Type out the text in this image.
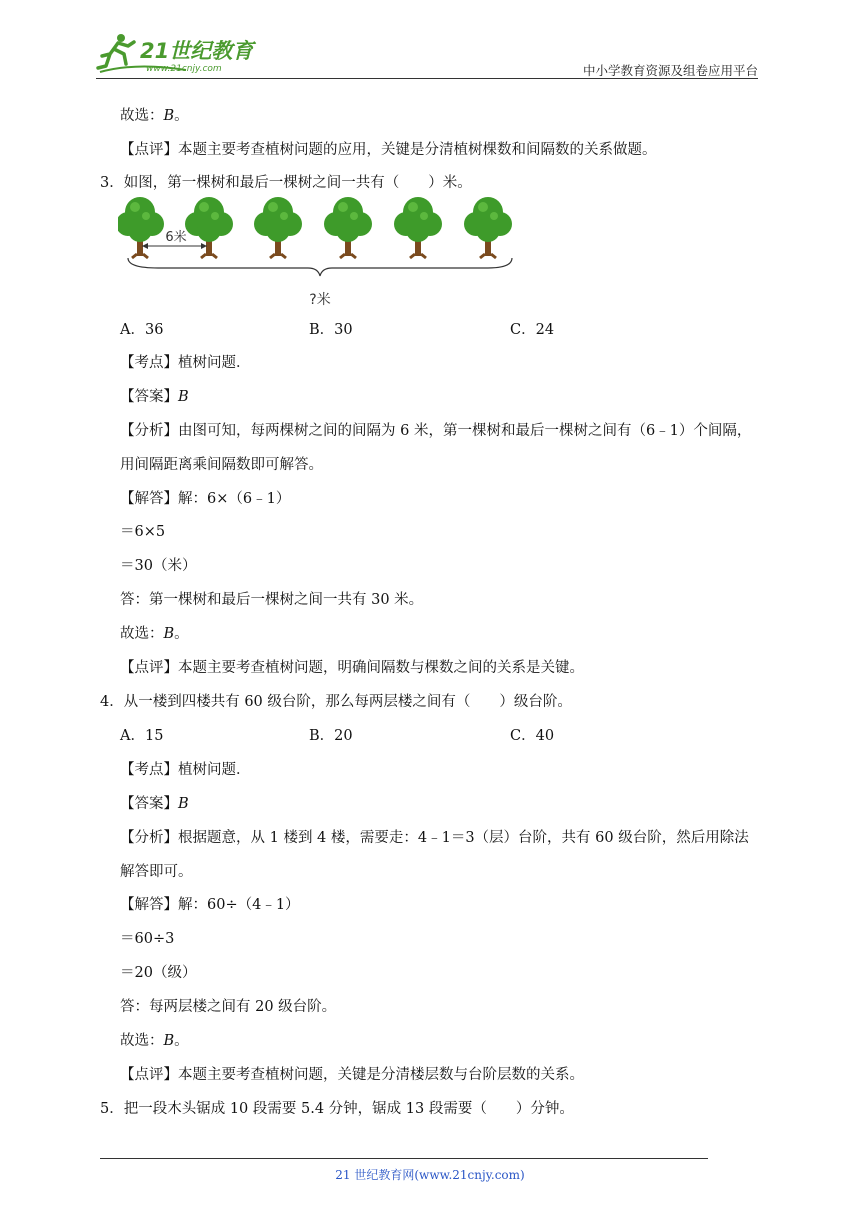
21世纪教育
www.21cnjy.com	中小学教育资源及组卷应用平台
故选：B。
【点评】本题主要考查植树问题的应用，关键是分清植树棵数和间隔数的关系做题。
3．如图，第一棵树和最后一棵树之间一共有（　　）米。
6米
?米
A．36	B．30	C．24
【考点】植树问题．
【答案】B
【分析】由图可知，每两棵树之间的间隔为 6 米，第一棵树和最后一棵树之间有（6﹣1）个间隔，
用间隔距离乘间隔数即可解答。
【解答】解：6×（6﹣1）
＝6×5
＝30（米）
答：第一棵树和最后一棵树之间一共有 30 米。
故选：B。
【点评】本题主要考查植树问题，明确间隔数与棵数之间的关系是关键。
4．从一楼到四楼共有 60 级台阶，那么每两层楼之间有（　　）级台阶。
A．15	B．20	C．40
【考点】植树问题．
【答案】B
【分析】根据题意，从 1 楼到 4 楼，需要走：4﹣1＝3（层）台阶，共有 60 级台阶，然后用除法
解答即可。
【解答】解：60÷（4﹣1）
＝60÷3
＝20（级）
答：每两层楼之间有 20 级台阶。
故选：B。
【点评】本题主要考查植树问题，关键是分清楼层数与台阶层数的关系。
5．把一段木头锯成 10 段需要 5.4 分钟，锯成 13 段需要（　　）分钟。
21 世纪教育网(www.21cnjy.com)
